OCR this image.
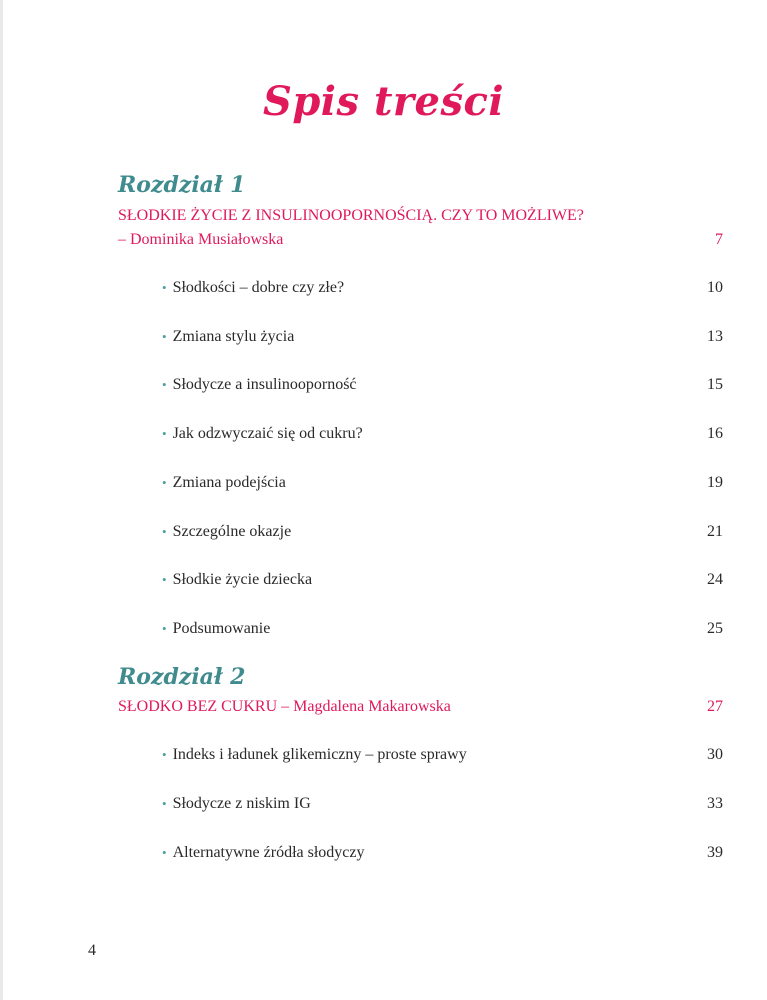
Spis treści
Rozdział 1
SŁODKIE ŻYCIE Z INSULINOOPORNOŚCIĄ. CZY TO MOŻLIWE?
– Dominika Musiałowska	7
• Słodkości – dobre czy złe?	10
• Zmiana stylu życia	13
• Słodycze a insulinooporność	15
• Jak odzwyczaić się od cukru?	16
• Zmiana podejścia	19
• Szczególne okazje	21
• Słodkie życie dziecka	24
• Podsumowanie	25
Rozdział 2
SŁODKO BEZ CUKRU – Magdalena Makarowska	27
• Indeks i ładunek glikemiczny – proste sprawy	30
• Słodycze z niskim IG	33
• Alternatywne źródła słodyczy	39
4
